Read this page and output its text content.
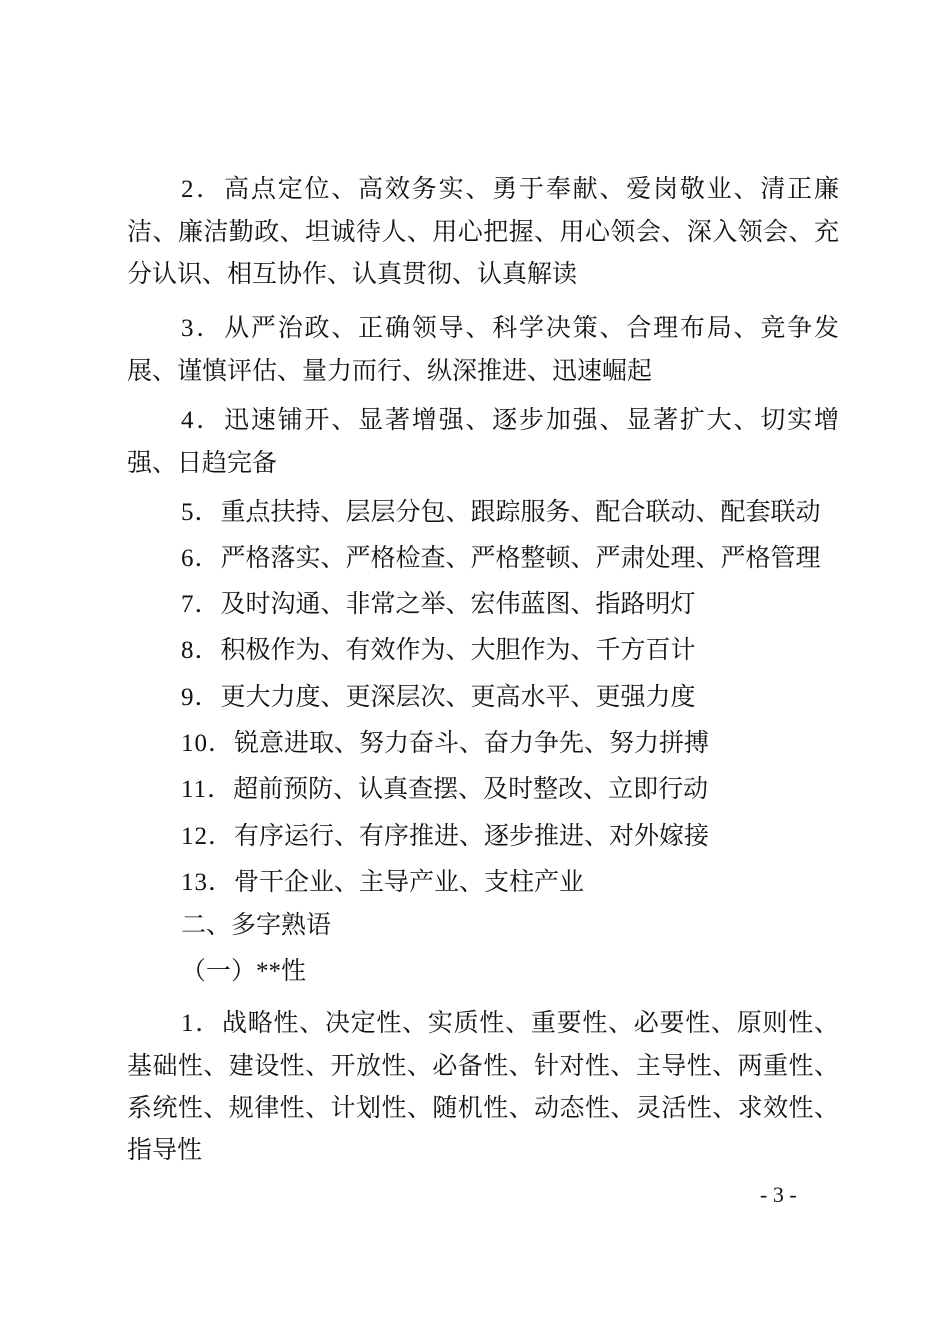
2．高点定位、高效务实、勇于奉献、爱岗敬业、清正廉洁、廉洁勤政、坦诚待人、用心把握、用心领会、深入领会、充分认识、相互协作、认真贯彻、认真解读

3．从严治政、正确领导、科学决策、合理布局、竞争发展、谨慎评估、量力而行、纵深推进、迅速崛起

4．迅速铺开、显著增强、逐步加强、显著扩大、切实增强、日趋完备

5．重点扶持、层层分包、跟踪服务、配合联动、配套联动

6．严格落实、严格检查、严格整顿、严肃处理、严格管理

7．及时沟通、非常之举、宏伟蓝图、指路明灯

8．积极作为、有效作为、大胆作为、千方百计

9．更大力度、更深层次、更高水平、更强力度

10．锐意进取、努力奋斗、奋力争先、努力拼搏

11．超前预防、认真查摆、及时整改、立即行动

12．有序运行、有序推进、逐步推进、对外嫁接

13．骨干企业、主导产业、支柱产业

二、多字熟语

（一）**性

1．战略性、决定性、实质性、重要性、必要性、原则性、基础性、建设性、开放性、必备性、针对性、主导性、两重性、系统性、规律性、计划性、随机性、动态性、灵活性、求效性、指导性

- 3 -
